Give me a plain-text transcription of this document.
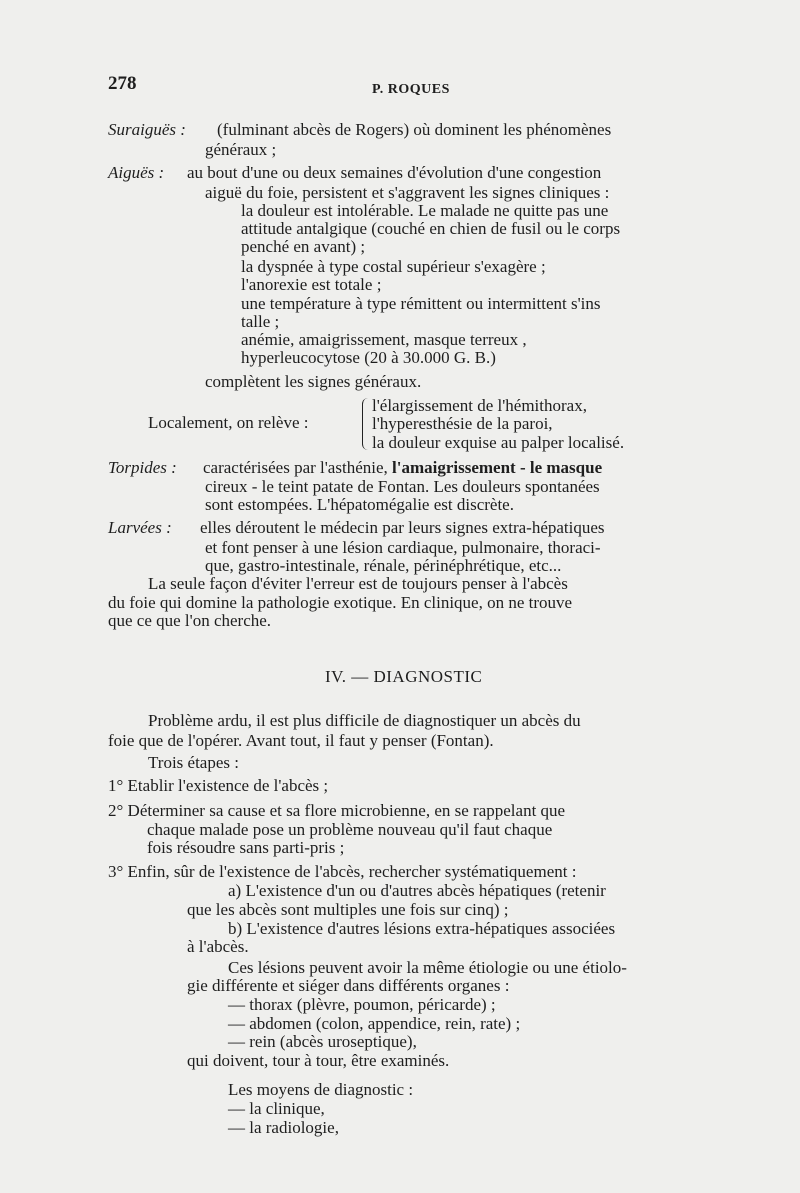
278	P. ROQUES
Suraiguës : (fulminant abcès de Rogers) où dominent les phénomènes
généraux ;
Aiguës : au bout d'une ou deux semaines d'évolution d'une congestion
aiguë du foie, persistent et s'aggravent les signes cliniques :
la douleur est intolérable. Le malade ne quitte pas une
attitude antalgique (couché en chien de fusil ou le corps
penché en avant) ;
la dyspnée à type costal supérieur s'exagère ;
l'anorexie est totale ;
une température à type rémittent ou intermittent s'ins
talle ;
anémie, amaigrissement, masque terreux ,
hyperleucocytose (20 à 30.000 G. B.)
complètent les signes généraux.
Localement, on relève :
l'élargissement de l'hémithorax,
l'hyperesthésie de la paroi,
la douleur exquise au palper localisé.
Torpides : caractérisées par l'asthénie, l'amaigrissement - le masque
cireux - le teint patate de Fontan. Les douleurs spontanées
sont estompées. L'hépatomégalie est discrète.
Larvées : elles déroutent le médecin par leurs signes extra-hépatiques
et font penser à une lésion cardiaque, pulmonaire, thoraci-
que, gastro-intestinale, rénale, périnéphrétique, etc...
La seule façon d'éviter l'erreur est de toujours penser à l'abcès
du foie qui domine la pathologie exotique. En clinique, on ne trouve
que ce que l'on cherche.
IV. — DIAGNOSTIC
Problème ardu, il est plus difficile de diagnostiquer un abcès du
foie que de l'opérer. Avant tout, il faut y penser (Fontan).
Trois étapes :
1° Etablir l'existence de l'abcès ;
2° Déterminer sa cause et sa flore microbienne, en se rappelant que
chaque malade pose un problème nouveau qu'il faut chaque
fois résoudre sans parti-pris ;
3° Enfin, sûr de l'existence de l'abcès, rechercher systématiquement :
a) L'existence d'un ou d'autres abcès hépatiques (retenir
que les abcès sont multiples une fois sur cinq) ;
b) L'existence d'autres lésions extra-hépatiques associées
à l'abcès.
Ces lésions peuvent avoir la même étiologie ou une étiolo-
gie différente et siéger dans différents organes :
— thorax (plèvre, poumon, péricarde) ;
— abdomen (colon, appendice, rein, rate) ;
— rein (abcès uroseptique),
qui doivent, tour à tour, être examinés.
Les moyens de diagnostic :
— la clinique,
— la radiologie,
